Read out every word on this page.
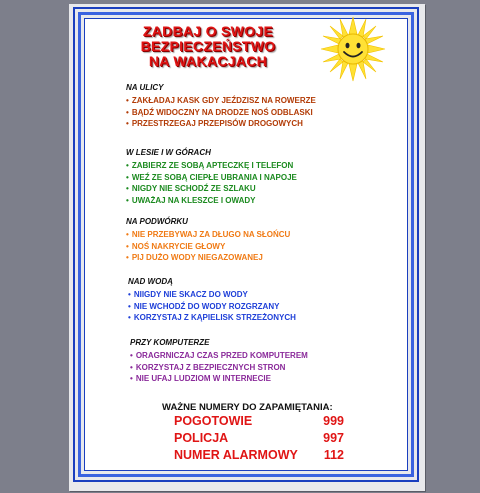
ZADBAJ O SWOJE
BEZPIECZEŃSTWO
NA WAKACJACH
NA ULICY
• ZAKŁADAJ KASK GDY JEŹDZISZ NA ROWERZE
• BĄDŹ WIDOCZNY NA DRODZE NOŚ ODBLASKI
• PRZESTRZEGAJ PRZEPISÓW DROGOWYCH
W LESIE I W GÓRACH
• ZABIERZ ZE SOBĄ APTECZKĘ I TELEFON
• WEŹ ZE SOBĄ CIEPŁE UBRANIA I NAPOJE
• NIGDY NIE SCHODŹ ZE SZLAKU
• UWAŻAJ NA KLESZCE I OWADY
NA PODWÓRKU
• NIE PRZEBYWAJ ZA DŁUGO NA SŁOŃCU
• NOŚ NAKRYCIE GŁOWY
• PIJ DUŻO WODY NIEGAZOWANEJ
NAD WODĄ
• NIIGDY NIE SKACZ DO WODY
• NIE WCHODŹ DO WODY ROZGRZANY
• KORZYSTAJ Z KĄPIELISK STRZEŻONYCH
PRZY KOMPUTERZE
• ORAGRNICZAJ CZAS PRZED KOMPUTEREM
• KORZYSTAJ Z BEZPIECZNYCH STRON
• NIE UFAJ LUDZIOM W INTERNECIE
WAŻNE NUMERY DO ZAPAMIĘTANIA:
POGOTOWIE	999
POLICJA	997
NUMER ALARMOWY 112
